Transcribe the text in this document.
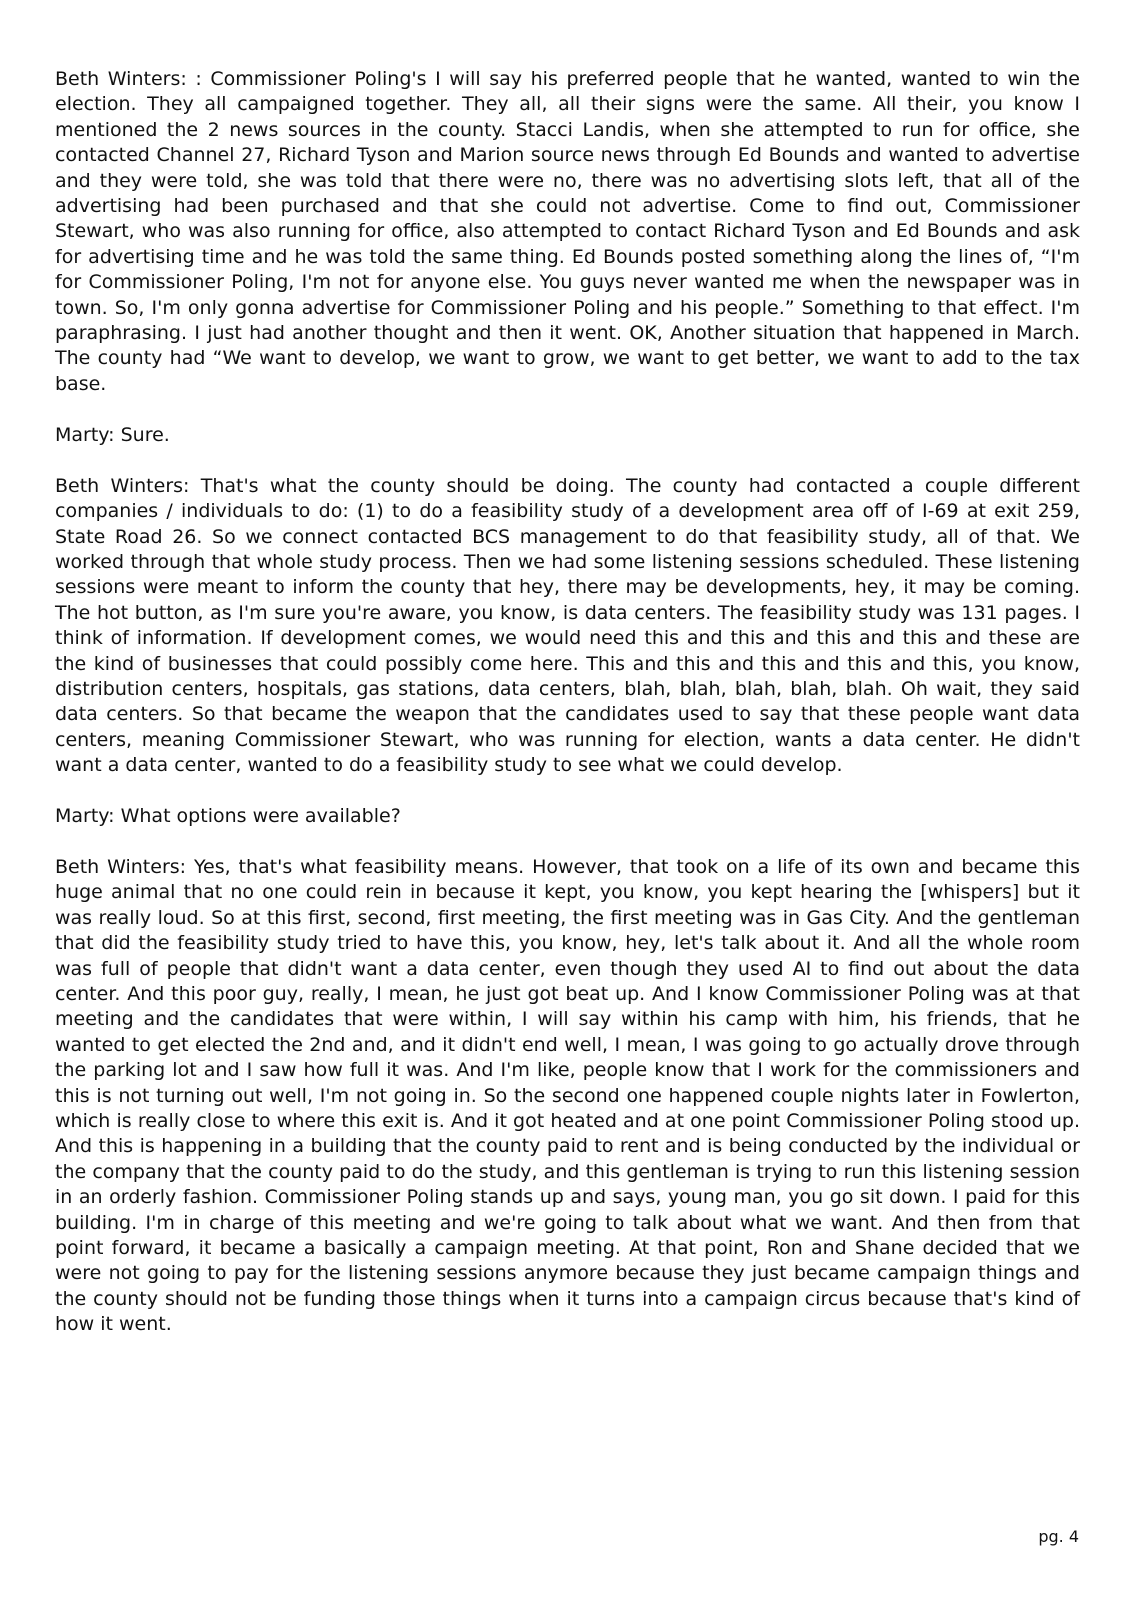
Beth Winters: : Commissioner Poling's I will say his preferred people that he wanted, wanted to win the election. They all campaigned together. They all, all their signs were the same. All their, you know I mentioned the 2 news sources in the county. Stacci Landis, when she attempted to run for office, she contacted Channel 27, Richard Tyson and Marion source news through Ed Bounds and wanted to advertise and they were told, she was told that there were no, there was no advertising slots left, that all of the advertising had been purchased and that she could not advertise. Come to find out, Commissioner Stewart, who was also running for office, also attempted to contact Richard Tyson and Ed Bounds and ask for advertising time and he was told the same thing. Ed Bounds posted something along the lines of, “I'm for Commissioner Poling, I'm not for anyone else. You guys never wanted me when the newspaper was in town. So, I'm only gonna advertise for Commissioner Poling and his people.” Something to that effect. I'm paraphrasing. I just had another thought and then it went. OK, Another situation that happened in March. The county had “We want to develop, we want to grow, we want to get better, we want to add to the tax base.

Marty: Sure.

Beth Winters: That's what the county should be doing. The county had contacted a couple different companies / individuals to do: (1) to do a feasibility study of a development area off of I-69 at exit 259, State Road 26. So we connect contacted BCS management to do that feasibility study, all of that. We worked through that whole study process. Then we had some listening sessions scheduled. These listening sessions were meant to inform the county that hey, there may be developments, hey, it may be coming. The hot button, as I'm sure you're aware, you know, is data centers. The feasibility study was 131 pages. I think of information. If development comes, we would need this and this and this and this and these are the kind of businesses that could possibly come here. This and this and this and this and this, you know, distribution centers, hospitals, gas stations, data centers, blah, blah, blah, blah, blah. Oh wait, they said data centers. So that became the weapon that the candidates used to say that these people want data centers, meaning Commissioner Stewart, who was running for election, wants a data center. He didn't want a data center, wanted to do a feasibility study to see what we could develop.

Marty: What options were available?

Beth Winters: Yes, that's what feasibility means. However, that took on a life of its own and became this huge animal that no one could rein in because it kept, you know, you kept hearing the [whispers] but it was really loud. So at this first, second, first meeting, the first meeting was in Gas City. And the gentleman that did the feasibility study tried to have this, you know, hey, let's talk about it. And all the whole room was full of people that didn't want a data center, even though they used AI to find out about the data center. And this poor guy, really, I mean, he just got beat up. And I know Commissioner Poling was at that meeting and the candidates that were within, I will say within his camp with him, his friends, that he wanted to get elected the 2nd and, and it didn't end well, I mean, I was going to go actually drove through the parking lot and I saw how full it was. And I'm like, people know that I work for the commissioners and this is not turning out well, I'm not going in. So the second one happened couple nights later in Fowlerton, which is really close to where this exit is. And it got heated and at one point Commissioner Poling stood up. And this is happening in a building that the county paid to rent and is being conducted by the individual or the company that the county paid to do the study, and this gentleman is trying to run this listening session in an orderly fashion. Commissioner Poling stands up and says, young man, you go sit down. I paid for this building. I'm in charge of this meeting and we're going to talk about what we want. And then from that point forward, it became a basically a campaign meeting. At that point, Ron and Shane decided that we were not going to pay for the listening sessions anymore because they just became campaign things and the county should not be funding those things when it turns into a campaign circus because that's kind of how it went.

pg. 4
